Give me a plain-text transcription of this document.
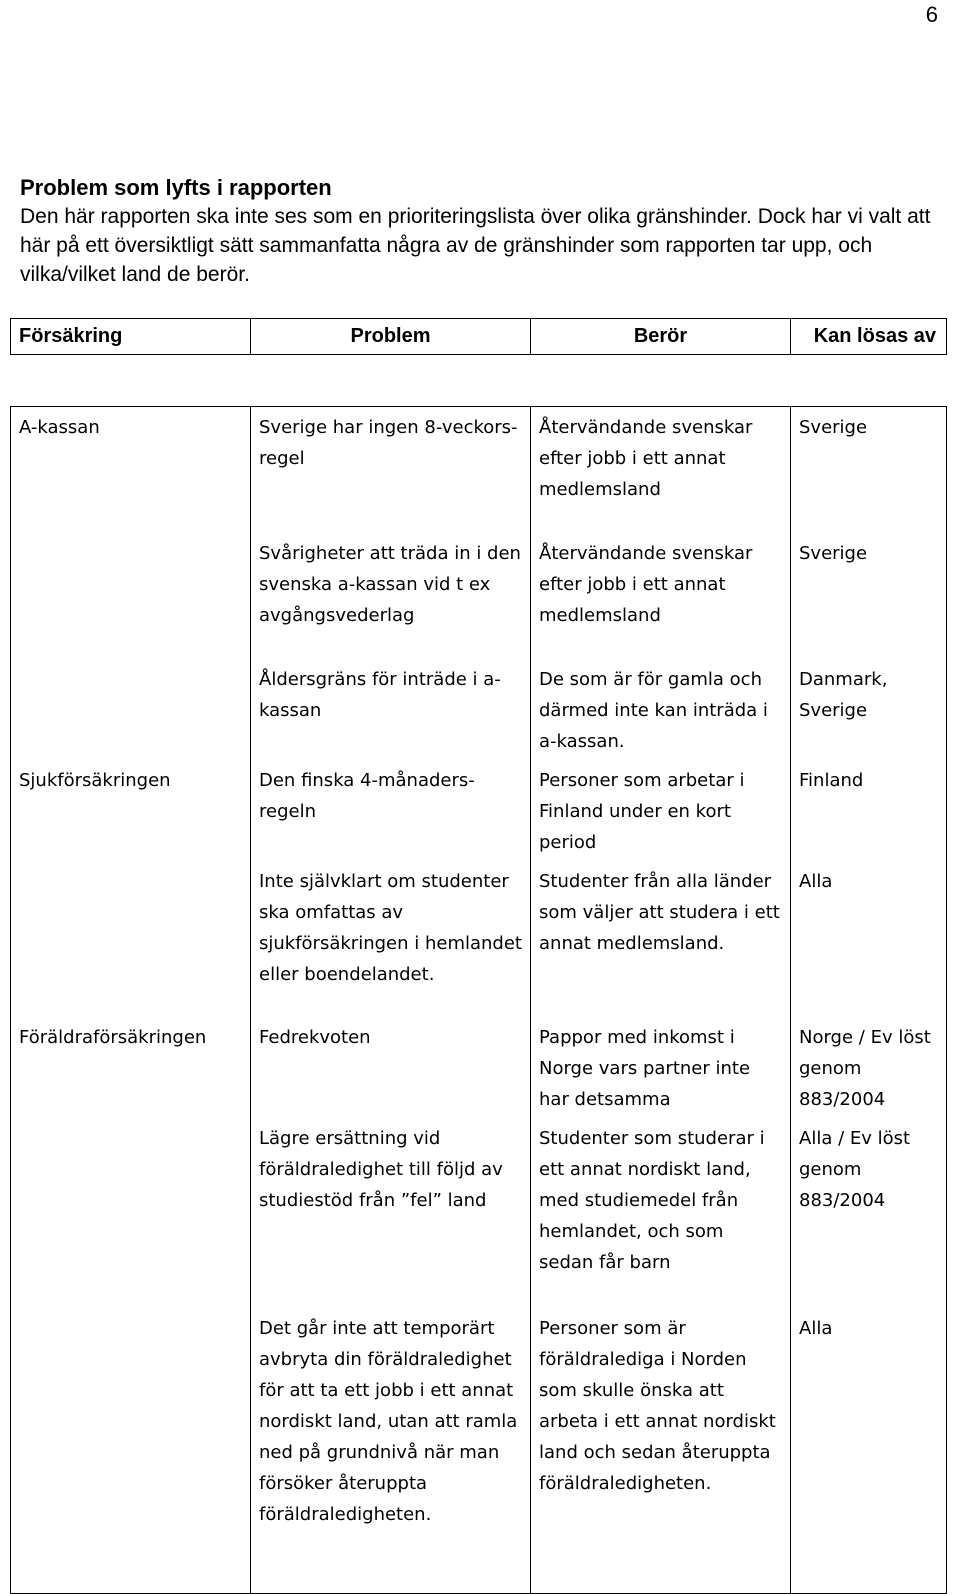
6
Problem som lyfts i rapporten

Den här rapporten ska inte ses som en prioriteringslista över olika gränshinder. Dock har vi valt att här på ett översiktligt sätt sammanfatta några av de gränshinder som rapporten tar upp, och vilka/vilket land de berör.

Försäkring	Problem	Berör	Kan lösas av
A-kassan	Sverige har ingen 8-veckors-regel	Återvändande svenskar efter jobb i ett annat medlemsland	Sverige
	Svårigheter att träda in i den svenska a-kassan vid t ex avgångsvederlag	Återvändande svenskar efter jobb i ett annat medlemsland	Sverige
	Åldersgräns för inträde i a-kassan	De som är för gamla och därmed inte kan inträda i a-kassan.	Danmark, Sverige
Sjukförsäkringen	Den finska 4-månaders-regeln	Personer som arbetar i Finland under en kort period	Finland
	Inte självklart om studenter ska omfattas av sjukförsäkringen i hemlandet eller boendelandet.	Studenter från alla länder som väljer att studera i ett annat medlemsland.	Alla
Föräldraförsäkringen	Fedrekvoten	Pappor med inkomst i Norge vars partner inte har detsamma	Norge / Ev löst genom 883/2004
	Lägre ersättning vid föräldraledighet till följd av studiestöd från ”fel” land	Studenter som studerar i ett annat nordiskt land, med studiemedel från hemlandet, och som sedan får barn	Alla / Ev löst genom 883/2004
	Det går inte att temporärt avbryta din föräldraledighet för att ta ett jobb i ett annat nordiskt land, utan att ramla ned på grundnivå när man försöker återuppta föräldraledigheten.	Personer som är föräldralediga i Norden som skulle önska att arbeta i ett annat nordiskt land och sedan återuppta föräldraledigheten.	Alla
